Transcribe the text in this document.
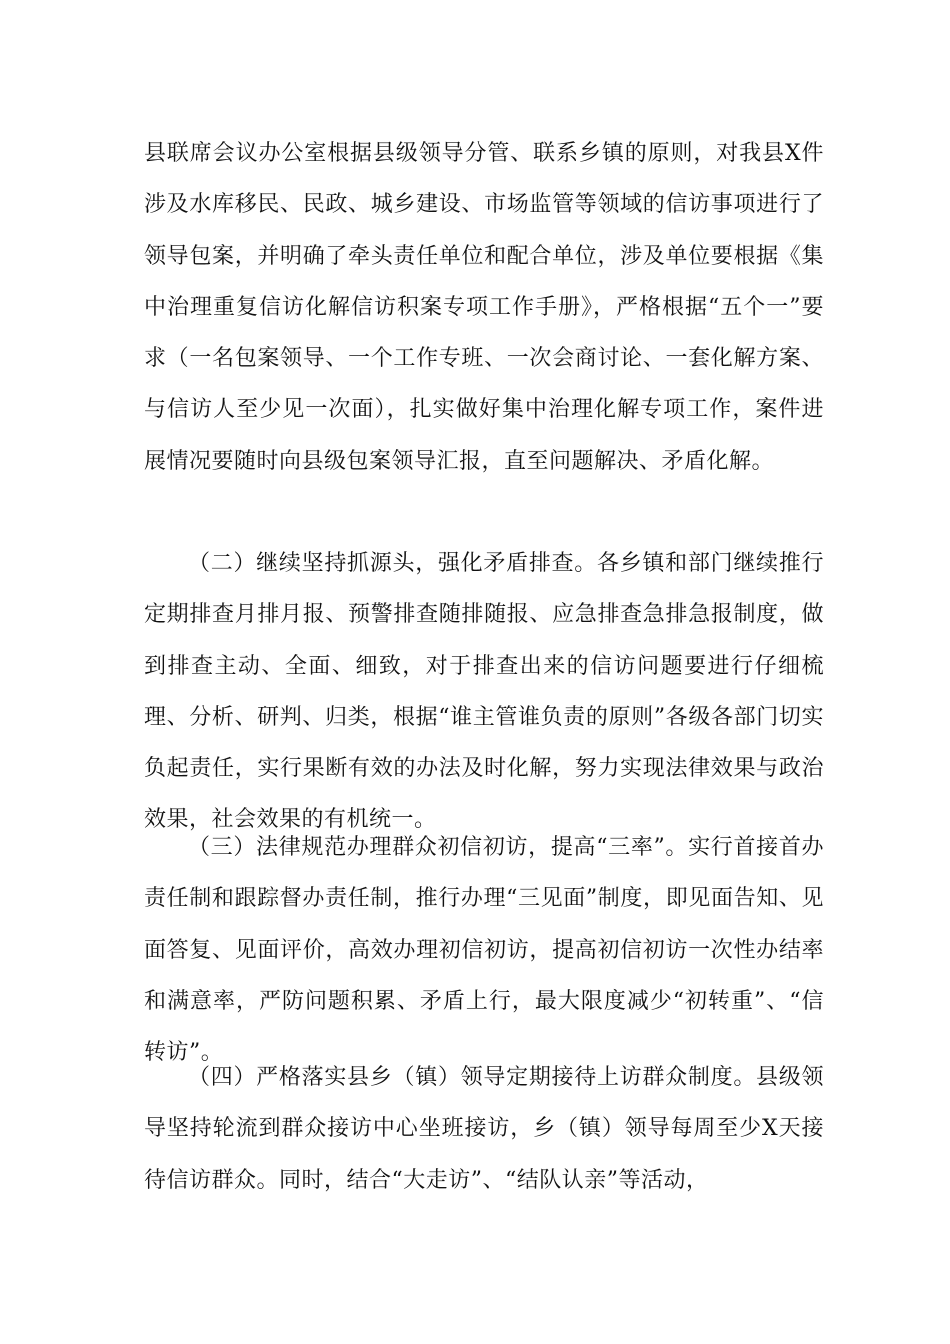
县联席会议办公室根据县级领导分管、联系乡镇的原则，对我县X件涉及水库移民、民政、城乡建设、市场监管等领域的信访事项进行了领导包案，并明确了牵头责任单位和配合单位，涉及单位要根据《集中治理重复信访化解信访积案专项工作手册》，严格根据“五个一”要求（一名包案领导、一个工作专班、一次会商讨论、一套化解方案、与信访人至少见一次面），扎实做好集中治理化解专项工作，案件进展情况要随时向县级包案领导汇报，直至问题解决、矛盾化解。

（二）继续坚持抓源头，强化矛盾排查。各乡镇和部门继续推行定期排查月排月报、预警排查随排随报、应急排查急排急报制度，做到排查主动、全面、细致，对于排查出来的信访问题要进行仔细梳理、分析、研判、归类，根据“谁主管谁负责的原则”各级各部门切实负起责任，实行果断有效的办法及时化解，努力实现法律效果与政治效果，社会效果的有机统一。

（三）法律规范办理群众初信初访，提高“三率”。实行首接首办责任制和跟踪督办责任制，推行办理“三见面”制度，即见面告知、见面答复、见面评价，高效办理初信初访，提高初信初访一次性办结率和满意率，严防问题积累、矛盾上行，最大限度减少“初转重”、“信转访”。

（四）严格落实县乡（镇）领导定期接待上访群众制度。县级领导坚持轮流到群众接访中心坐班接访，乡（镇）领导每周至少X天接待信访群众。同时，结合“大走访”、“结队认亲”等活动，
